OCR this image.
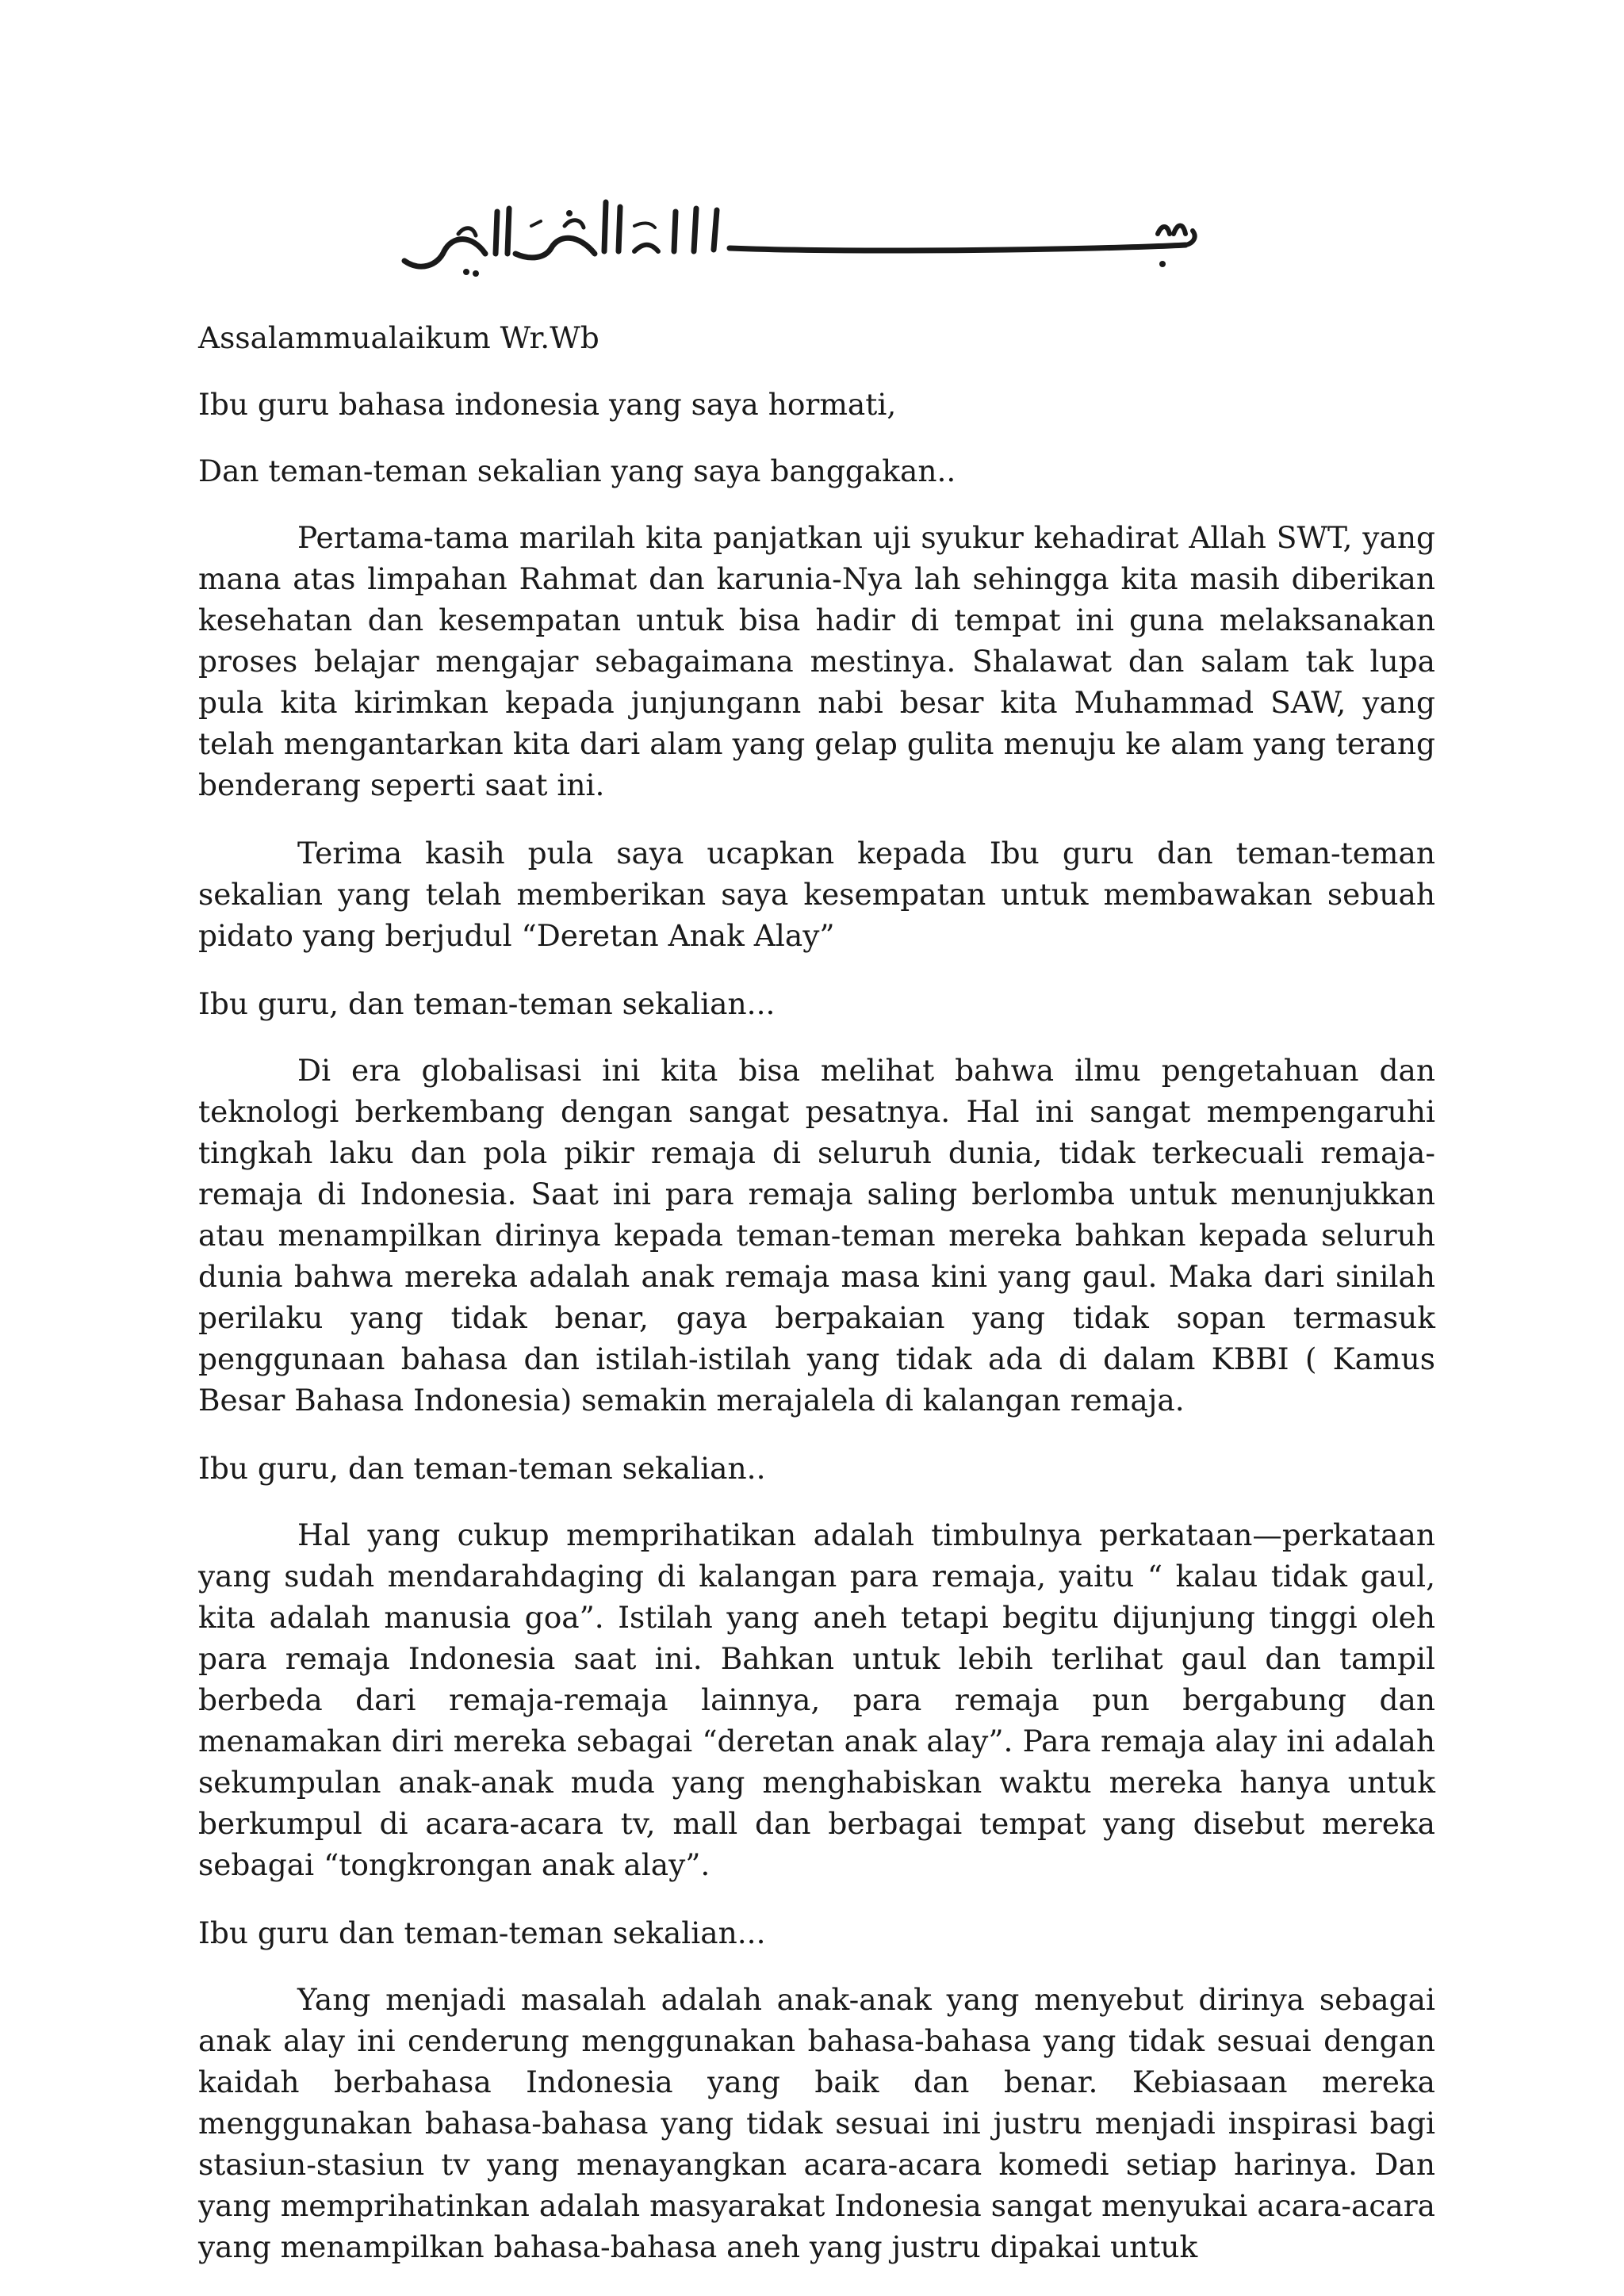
Assalammualaikum Wr.Wb

Ibu guru bahasa indonesia yang saya hormati,

Dan teman-teman sekalian yang saya banggakan..

Pertama-tama marilah kita panjatkan uji syukur kehadirat Allah SWT, yang mana atas limpahan Rahmat dan karunia-Nya lah sehingga kita masih diberikan kesehatan dan kesempatan untuk bisa hadir di tempat ini guna melaksanakan proses belajar mengajar sebagaimana mestinya. Shalawat dan salam tak lupa pula kita kirimkan kepada junjungann nabi besar kita Muhammad SAW, yang telah mengantarkan kita dari alam yang gelap gulita menuju ke alam yang terang benderang seperti saat ini.

Terima kasih pula saya ucapkan kepada Ibu guru dan teman-teman sekalian yang telah memberikan saya kesempatan untuk membawakan sebuah pidato yang berjudul “Deretan Anak Alay”

Ibu guru, dan teman-teman sekalian...

Di era globalisasi ini kita bisa melihat bahwa ilmu pengetahuan dan teknologi berkembang dengan sangat pesatnya. Hal ini sangat mempengaruhi tingkah laku dan pola pikir remaja di seluruh dunia, tidak terkecuali remaja-remaja di Indonesia. Saat ini para remaja saling berlomba untuk menunjukkan atau menampilkan dirinya kepada teman-teman mereka bahkan kepada seluruh dunia bahwa mereka adalah anak remaja masa kini yang gaul. Maka dari sinilah perilaku yang tidak benar, gaya berpakaian yang tidak sopan termasuk penggunaan bahasa dan istilah-istilah yang tidak ada di dalam KBBI ( Kamus Besar Bahasa Indonesia) semakin merajalela di kalangan remaja.

Ibu guru, dan teman-teman sekalian..

Hal yang cukup memprihatikan adalah timbulnya perkataan—perkataan yang sudah mendarahdaging di kalangan para remaja, yaitu “ kalau tidak gaul, kita adalah manusia goa”. Istilah yang aneh tetapi begitu dijunjung tinggi oleh para remaja Indonesia saat ini. Bahkan untuk lebih terlihat gaul dan tampil berbeda dari remaja-remaja lainnya, para remaja pun bergabung dan menamakan diri mereka sebagai “deretan anak alay”. Para remaja alay ini adalah sekumpulan anak-anak muda yang menghabiskan waktu mereka hanya untuk berkumpul di acara-acara tv, mall dan berbagai tempat yang disebut mereka sebagai “tongkrongan anak alay”.

Ibu guru dan teman-teman sekalian...

Yang menjadi masalah adalah anak-anak yang menyebut dirinya sebagai anak alay ini cenderung menggunakan bahasa-bahasa yang tidak sesuai dengan kaidah berbahasa Indonesia yang baik dan benar. Kebiasaan mereka menggunakan bahasa-bahasa yang tidak sesuai ini justru menjadi inspirasi bagi stasiun-stasiun tv yang menayangkan acara-acara komedi setiap harinya. Dan yang memprihatinkan adalah masyarakat Indonesia sangat menyukai acara-acara yang menampilkan bahasa-bahasa aneh yang justru dipakai untuk
